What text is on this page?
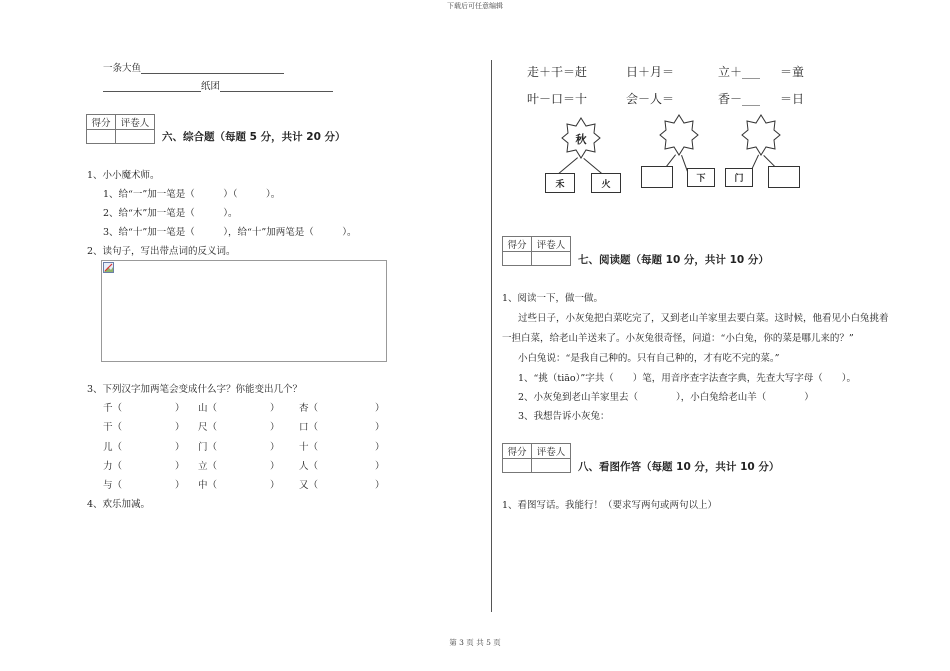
下载后可任意编辑
第 3 页 共 5 页
一条大鱼
纸团
得分	评卷人

六、综合题（每题 5 分，共计 20 分）
1、小小魔术师。
1、给“一”加一笔是（　　　）（　　　）。
2、给“木”加一笔是（　　　）。
3、给“十”加一笔是（　　　），给“十”加两笔是（　　　）。
2、读句子，写出带点词的反义词。
3、下列汉字加两笔会变成什么字？你能变出几个？
千（	） 山（	） 杏（	）
干（	） 尺（	） 口（	）
儿（	） 门（	） 十（	）
力（	） 立（	） 人（	）
与（	） 中（	） 又（	）
4、欢乐加减。
走＋干＝赶	日＋月＝	立＋___ ＝童
叶－口＝十	会－人＝	香－___ ＝日
秋
禾	火
下	门
得分	评卷人

七、阅读题（每题 10 分，共计 10 分）
1、阅读一下，做一做。
过些日子，小灰兔把白菜吃完了，又到老山羊家里去要白菜。这时候，他看见小白兔挑着
一担白菜，给老山羊送来了。小灰兔很奇怪，问道：“小白兔，你的菜是哪儿来的？”
小白兔说：“是我自己种的。只有自己种的，才有吃不完的菜。”
1、“挑（tiāo）”字共（　　）笔，用音序查字法查字典，先查大写字母（　　）。
2、小灰兔到老山羊家里去（　　　　），小白兔给老山羊（　　　　）
3、我想告诉小灰兔：
得分	评卷人

八、看图作答（每题 10 分，共计 10 分）
1、看图写话。我能行！（要求写两句或两句以上）
